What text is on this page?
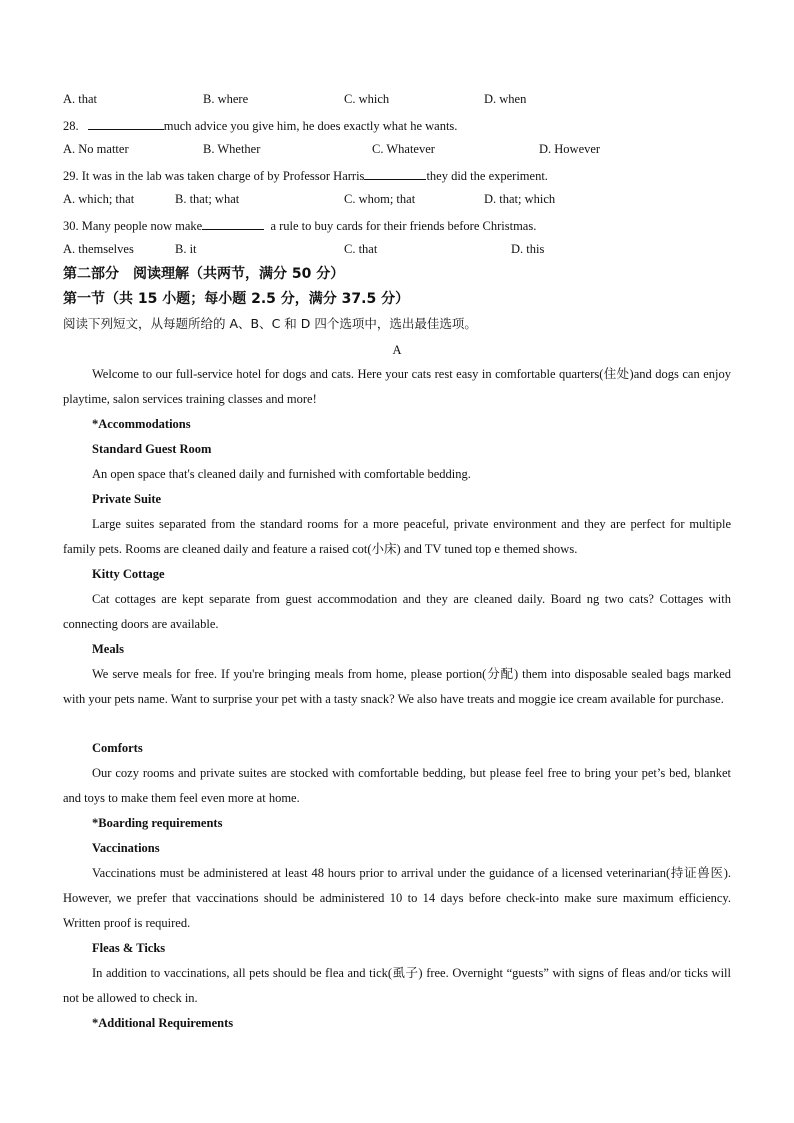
A. that	B. where	C. which	D. when
28.	much advice you give him, he does exactly what he wants.
A. No matter	B. Whether	C. Whatever	D. However
29. It was in the lab was taken charge of by Professor Harris	they did the experiment.
A. which; that	B. that; what	C. whom; that	D. that; which
30. Many people now make	a rule to buy cards for their friends before Christmas.
A. themselves	B. it	C. that	D. this
第二部分　阅读理解（共两节，满分 50 分）
第一节（共 15 小题；每小题 2.5 分，满分 37.5 分）
阅读下列短文，从每题所给的 A、B、C 和 D 四个选项中，选出最佳选项。
A
Welcome to our full-service hotel for dogs and cats. Here your cats rest easy in comfortable quarters(住处)and dogs can enjoy playtime, salon services training classes and more!
*Accommodations
Standard Guest Room
An open space that's cleaned daily and furnished with comfortable bedding.
Private Suite
Large suites separated from the standard rooms for a more peaceful, private environment and they are perfect for multiple family pets. Rooms are cleaned daily and feature a raised cot(小床) and TV tuned top e themed shows.
Kitty Cottage
Cat cottages are kept separate from guest accommodation and they are cleaned daily. Board ng two cats? Cottages with connecting doors are available.
Meals
We serve meals for free. If you're bringing meals from home, please portion(分配) them into disposable sealed bags marked with your pets name. Want to surprise your pet with a tasty snack? We also have treats and moggie ice cream available for purchase.
Comforts
Our cozy rooms and private suites are stocked with comfortable bedding, but please feel free to bring your pet’s bed, blanket and toys to make them feel even more at home.
*Boarding requirements
Vaccinations
Vaccinations must be administered at least 48 hours prior to arrival under the guidance of a licensed veterinarian(持证兽医). However, we prefer that vaccinations should be administered 10 to 14 days before check-into make sure maximum efficiency. Written proof is required.
Fleas & Ticks
In addition to vaccinations, all pets should be flea and tick(虱子) free. Overnight “guests” with signs of fleas and/or ticks will not be allowed to check in.
*Additional Requirements
